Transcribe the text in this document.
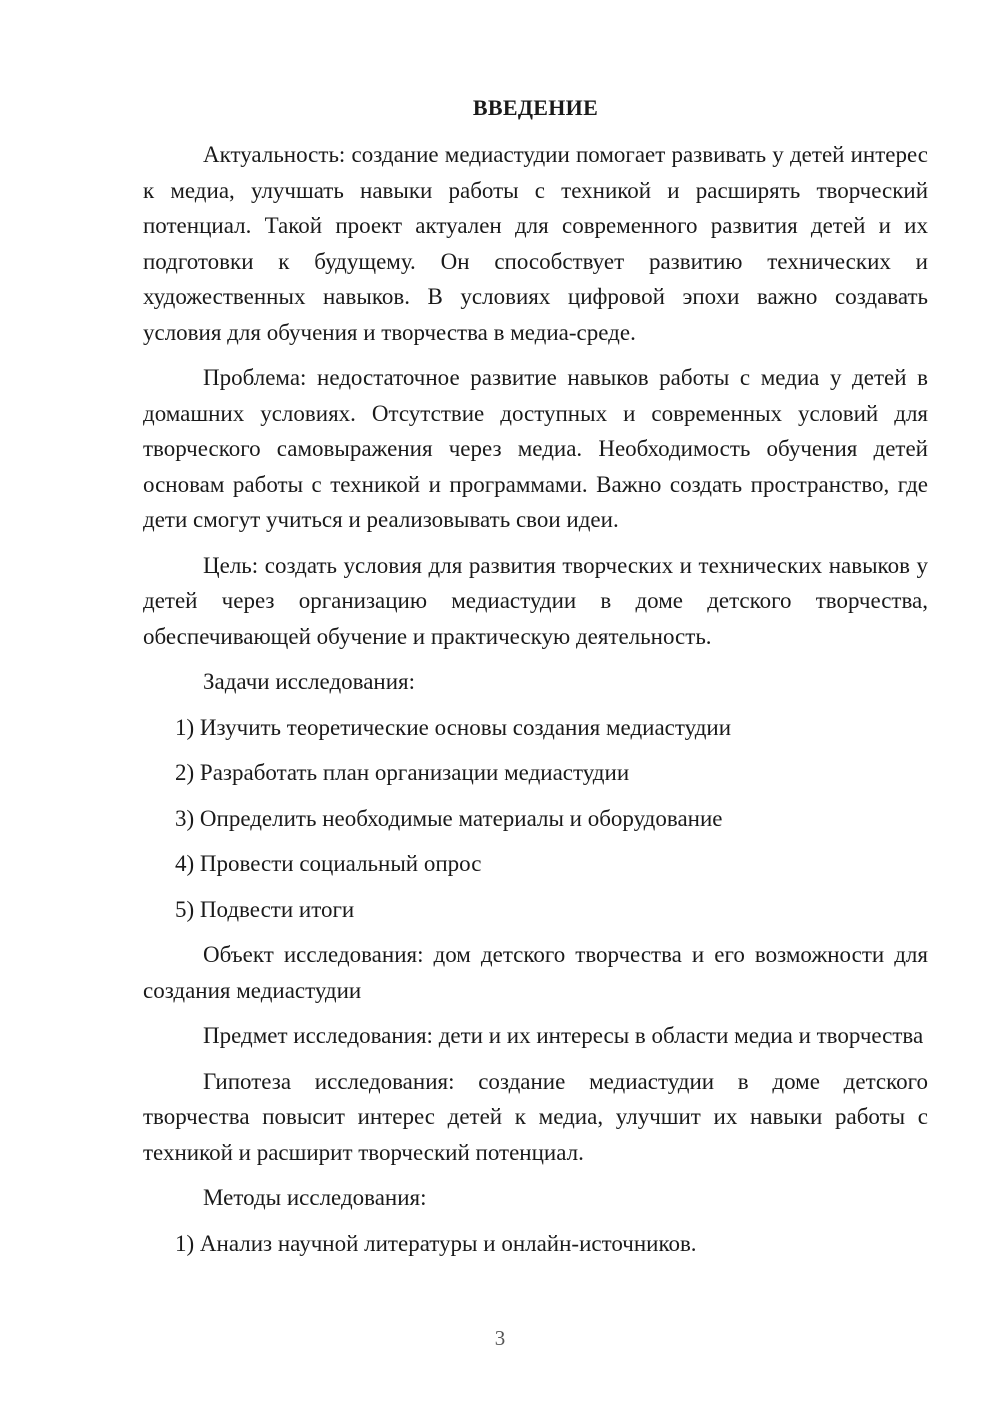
ВВЕДЕНИЕ

Актуальность: создание медиастудии помогает развивать у детей интерес к медиа, улучшать навыки работы с техникой и расширять творческий потенциал. Такой проект актуален для современного развития детей и их подготовки к будущему. Он способствует развитию технических и художественных навыков. В условиях цифровой эпохи важно создавать условия для обучения и творчества в медиа-среде.

Проблема: недостаточное развитие навыков работы с медиа у детей в домашних условиях. Отсутствие доступных и современных условий для творческого самовыражения через медиа. Необходимость обучения детей основам работы с техникой и программами. Важно создать пространство, где дети смогут учиться и реализовывать свои идеи.

Цель: создать условия для развития творческих и технических навыков у детей через организацию медиастудии в доме детского творчества, обеспечивающей обучение и практическую деятельность.

Задачи исследования:

1) Изучить теоретические основы создания медиастудии

2) Разработать план организации медиастудии

3) Определить необходимые материалы и оборудование

4) Провести социальный опрос

5) Подвести итоги

Объект исследования: дом детского творчества и его возможности для создания медиастудии

Предмет исследования: дети и их интересы в области медиа и творчества

Гипотеза исследования: создание медиастудии в доме детского творчества повысит интерес детей к медиа, улучшит их навыки работы с техникой и расширит творческий потенциал.

Методы исследования:

1) Анализ научной литературы и онлайн-источников.

3
